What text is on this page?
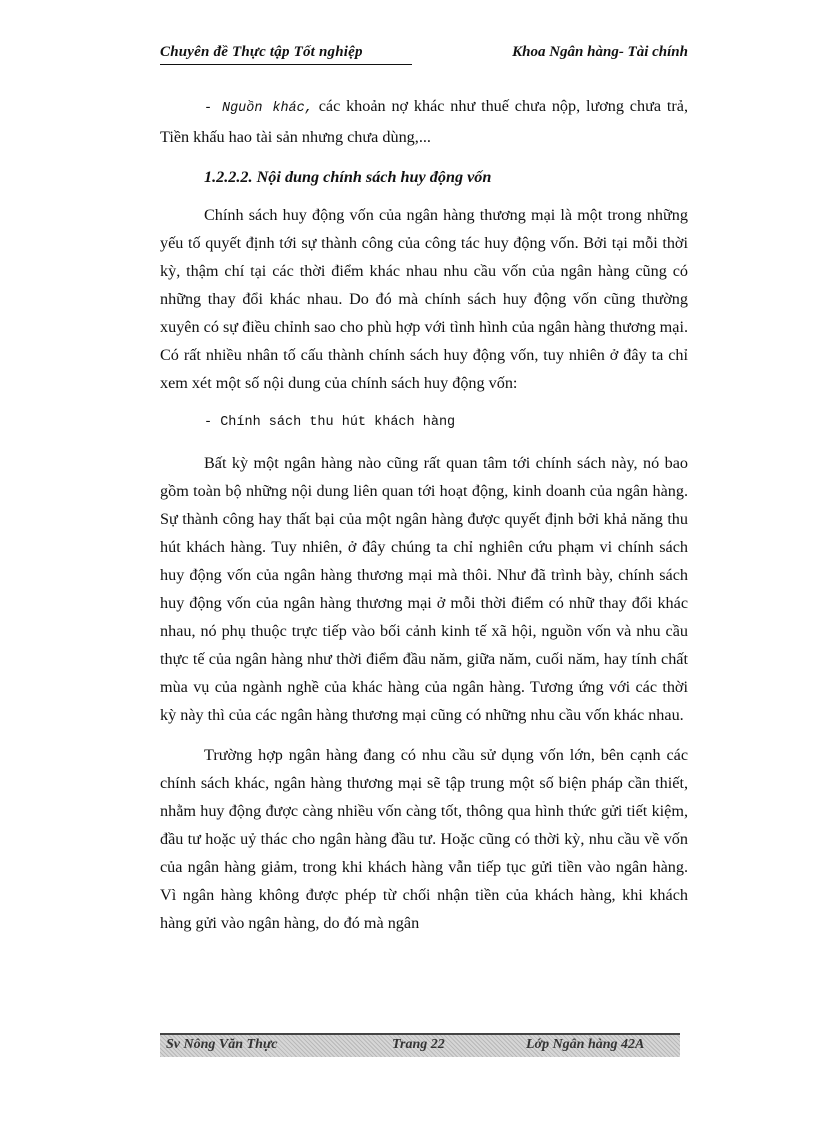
Chuyên đề Thực tập Tốt nghiệp	Khoa Ngân hàng- Tài chính

- Nguồn khác, các khoản nợ khác như thuế chưa nộp, lương chưa trả, Tiền khấu hao tài sản nhưng chưa dùng,...

1.2.2.2. Nội dung chính sách huy động vốn

Chính sách huy động vốn của ngân hàng thương mại là một trong những yếu tố quyết định tới sự thành công của công tác huy động vốn. Bởi tại mỗi thời kỳ, thậm chí tại các thời điểm khác nhau nhu cầu vốn của ngân hàng cũng có những thay đổi khác nhau. Do đó mà chính sách huy động vốn cũng thường xuyên có sự điều chỉnh sao cho phù hợp với tình hình của ngân hàng thương mại. Có rất nhiều nhân tố cấu thành chính sách huy động vốn, tuy nhiên ở đây ta chỉ xem xét một số nội dung của chính sách huy động vốn:

- Chính sách thu hút khách hàng

Bất kỳ một ngân hàng nào cũng rất quan tâm tới chính sách này, nó bao gồm toàn bộ những nội dung liên quan tới hoạt động, kinh doanh của ngân hàng. Sự thành công hay thất bại của một ngân hàng được quyết định bởi khả năng thu hút khách hàng. Tuy nhiên, ở đây chúng ta chỉ nghiên cứu phạm vi chính sách huy động vốn của ngân hàng thương mại mà thôi. Như đã trình bày, chính sách huy động vốn của ngân hàng thương mại ở mỗi thời điểm có nhữ thay đổi khác nhau, nó phụ thuộc trực tiếp vào bối cảnh kinh tế xã hội, nguồn vốn và nhu cầu thực tế của ngân hàng như thời điểm đầu năm, giữa năm, cuối năm, hay tính chất mùa vụ của ngành nghề của khác hàng của ngân hàng. Tương ứng với các thời kỳ này thì của các ngân hàng thương mại cũng có những nhu cầu vốn khác nhau.

Trường hợp ngân hàng đang có nhu cầu sử dụng vốn lớn, bên cạnh các chính sách khác, ngân hàng thương mại sẽ tập trung một số biện pháp cần thiết, nhằm huy động được càng nhiều vốn càng tốt, thông qua hình thức gửi tiết kiệm, đầu tư hoặc uỷ thác cho ngân hàng đầu tư. Hoặc cũng có thời kỳ, nhu cầu về vốn của ngân hàng giảm, trong khi khách hàng vẫn tiếp tục gửi tiền vào ngân hàng. Vì ngân hàng không được phép từ chối nhận tiền của khách hàng, khi khách hàng gửi vào ngân hàng, do đó mà ngân

Sv Nông Văn Thực	Trang 22	Lớp Ngân hàng 42A
